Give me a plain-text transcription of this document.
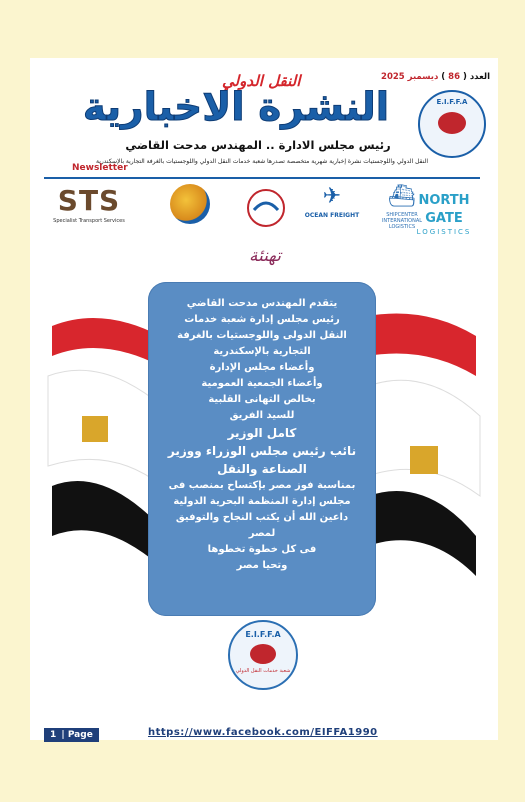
العدد ( 86 ) ديسمبر 2025
النقل الدولي
النشرة الاخبارية	E.I.F.F.A
رئيس مجلس الادارة .. المهندس مدحت القاضي
النقل الدولي واللوجستيات نشرة إخبارية شهرية متخصصة تصدرها شعبة خدمات النقل الدولي واللوجستيات بالغرفة التجارية بالإسكندرية
Newsletter
STS
Specialist Transport Services
✈
OCEAN FREIGHT
⛴
SHIPCENTER INTERNATIONAL LOGISTICS
NORTH GATE
LOGISTICS
تهنئة
يتقدم المهندس مدحت القاضي
رئيس مجلس إدارة شعبة خدمات
النقل الدولى واللوجستيات بالغرفة
التجارية بالإسكندرية
وأعضاء مجلس الإدارة
وأعضاء الجمعية العمومية
بخالص التهانى القلبية
للسيد الفريق
كامل الوزير
نائب رئيس مجلس الوزراء ووزير
الصناعة والنقل
بمناسبة فوز مصر بإكتساح بمنصب فى
مجلس إدارة المنظمة البحرية الدولية
داعين الله أن يكتب النجاح والتوفيق
لمصر
فى كل خطوة تخطوها
وتحيا مصر
E.I.F.F.A
شعبة خدمات النقل الدولي
1 | Page	https://www.facebook.com/EIFFA1990
